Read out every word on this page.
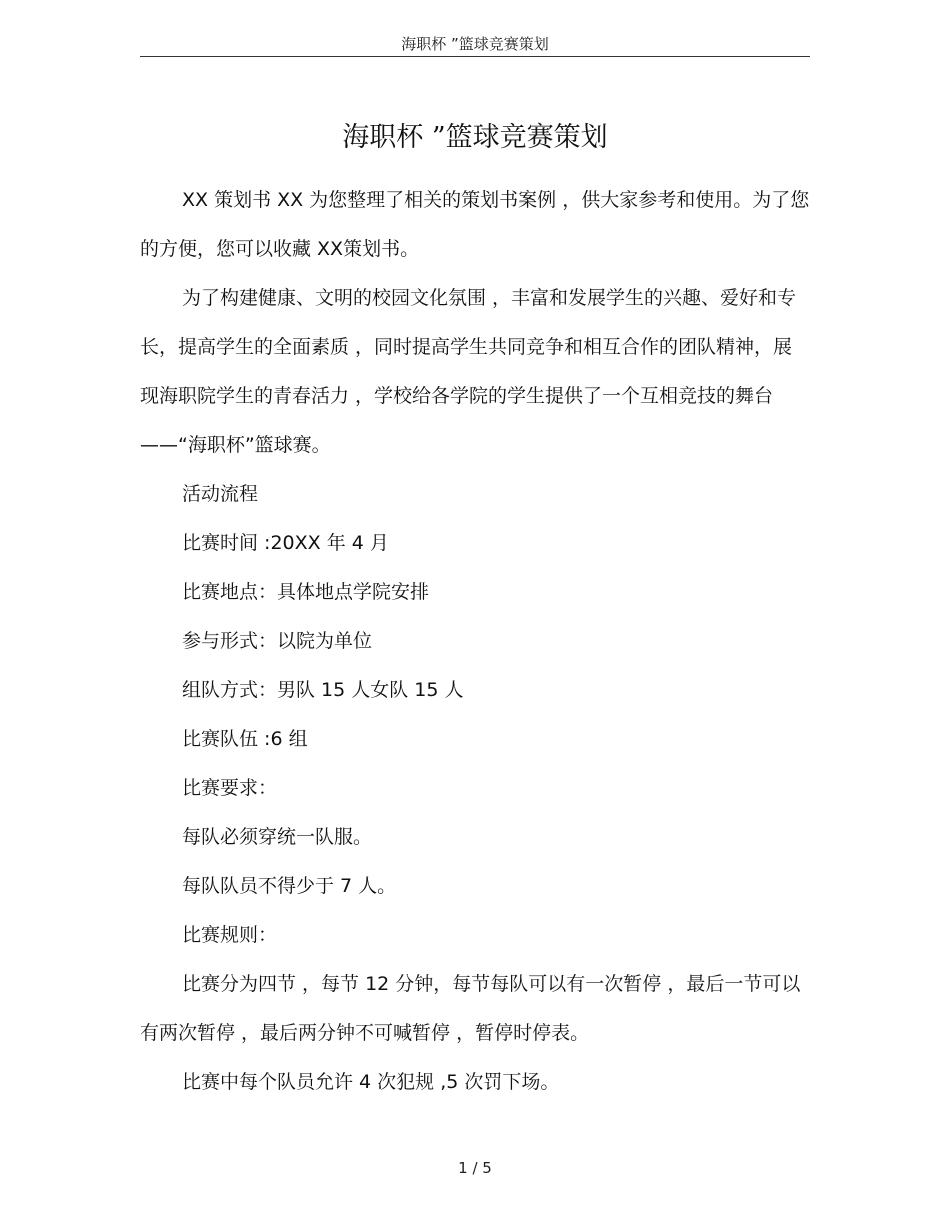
海职杯 ”篮球竞赛策划
海职杯 ”篮球竞赛策划

XX 策划书 XX 为您整理了相关的策划书案例 ，供大家参考和使用。为了您的方便，您可以收藏 XX策划书。

为了构建健康、文明的校园文化氛围 ，丰富和发展学生的兴趣、爱好和专长，提高学生的全面素质 ，同时提高学生共同竞争和相互合作的团队精神，展现海职院学生的青春活力 ，学校给各学院的学生提供了一个互相竞技的舞台——“海职杯”篮球赛。

活动流程

比赛时间 :20XX 年 4 月

比赛地点：具体地点学院安排

参与形式：以院为单位

组队方式：男队 15 人女队 15 人

比赛队伍 :6 组

比赛要求：

每队必须穿统一队服。

每队队员不得少于 7 人。

比赛规则：

比赛分为四节 ，每节 12 分钟，每节每队可以有一次暂停 ，最后一节可以有两次暂停 ，最后两分钟不可喊暂停 ，暂停时停表。

比赛中每个队员允许 4 次犯规 ,5 次罚下场。

1 / 5
